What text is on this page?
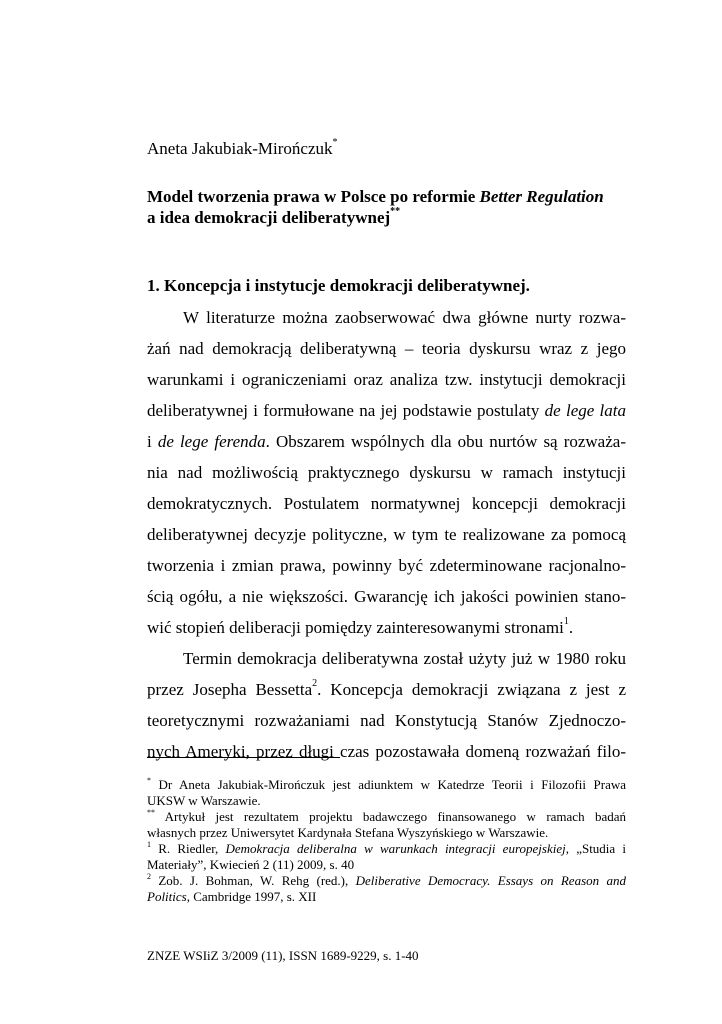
Aneta Jakubiak-Mirończuk*
Model tworzenia prawa w Polsce po reformie Better Regulation
a idea demokracji deliberatywnej**
1. Koncepcja i instytucje demokracji deliberatywnej.
W literaturze można zaobserwować dwa główne nurty rozwa-
żań nad demokracją deliberatywną – teoria dyskursu wraz z jego
warunkami i ograniczeniami oraz analiza tzw. instytucji demokracji
deliberatywnej i formułowane na jej podstawie postulaty de lege lata
i de lege ferenda. Obszarem wspólnych dla obu nurtów są rozważa-
nia nad możliwością praktycznego dyskursu w ramach instytucji
demokratycznych. Postulatem normatywnej koncepcji demokracji
deliberatywnej decyzje polityczne, w tym te realizowane za pomocą
tworzenia i zmian prawa, powinny być zdeterminowane racjonalno-
ścią ogółu, a nie większości. Gwarancję ich jakości powinien stano-
wić stopień deliberacji pomiędzy zainteresowanymi stronami$^1$.
Termin demokracja deliberatywna został użyty już w 1980 roku
przez Josepha Bessetta$^2$. Koncepcja demokracji związana z jest z
teoretycznymi rozważaniami nad Konstytucją Stanów Zjednoczo-
nych Ameryki, przez długi czas pozostawała domeną rozważań filo-
* Dr Aneta Jakubiak-Mirończuk jest adiunktem w Katedrze Teorii i Filozofii Prawa
UKSW w Warszawie.
** Artykuł jest rezultatem projektu badawczego finansowanego w ramach badań
własnych przez Uniwersytet Kardynała Stefana Wyszyńskiego w Warszawie.
$^1$ R. Riedler, Demokracja deliberalna w warunkach integracji europejskiej, „Studia i
Materiały”, Kwiecień 2 (11) 2009, s. 40
$^2$ Zob. J. Bohman, W. Rehg (red.), Deliberative Democracy. Essays on Reason and
Politics, Cambridge 1997, s. XII
ZNZE WSIiZ 3/2009 (11), ISSN 1689-9229, s. 1-40
